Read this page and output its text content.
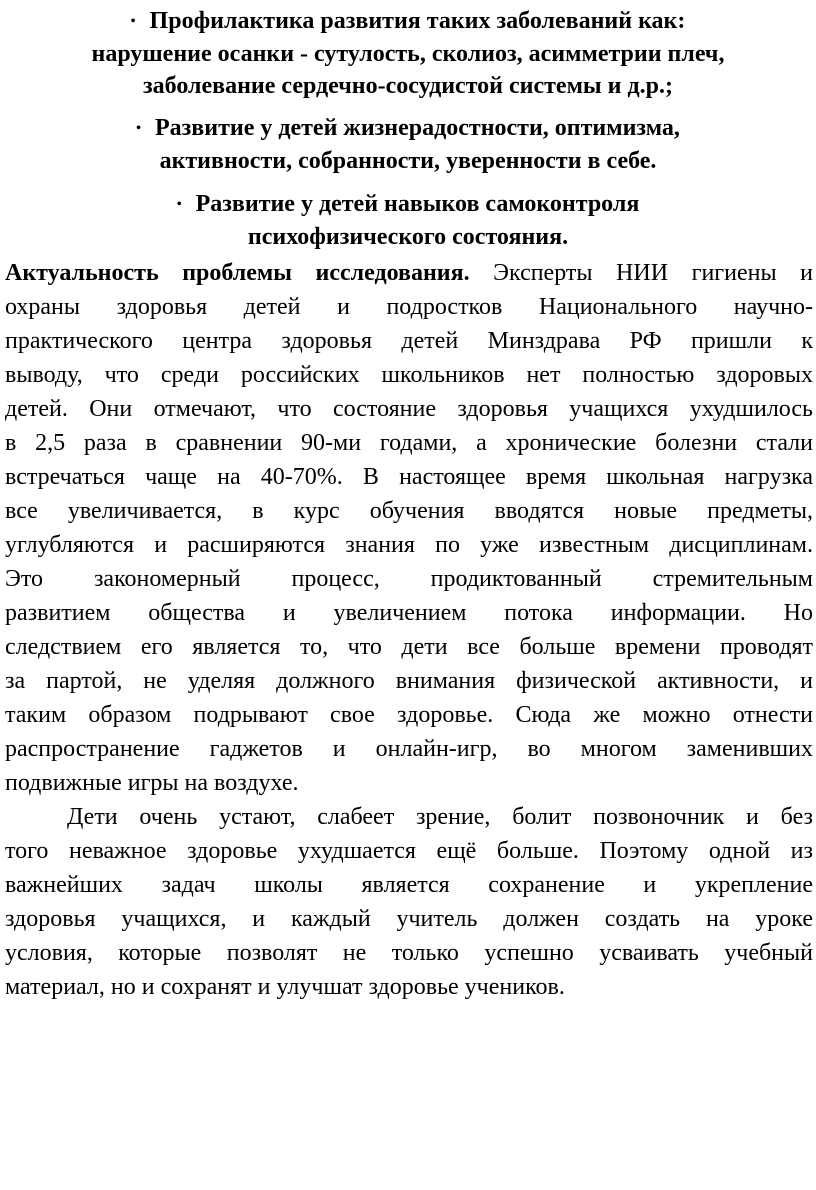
• Профилактика развития таких заболеваний как:
нарушение осанки - сутулость, сколиоз, асимметрии плеч,
заболевание сердечно-сосудистой системы и д.р.;
• Развитие у детей жизнерадостности, оптимизма,
активности, собранности, уверенности в себе.
• Развитие у детей навыков самоконтроля
психофизического состояния.

Актуальность проблемы исследования. Эксперты НИИ гигиены и
охраны здоровья детей и подростков Национального научно-
практического центра здоровья детей Минздрава РФ пришли к
выводу, что среди российских школьников нет полностью здоровых
детей. Они отмечают, что состояние здоровья учащихся ухудшилось
в 2,5 раза в сравнении 90-ми годами, а хронические болезни стали
встречаться чаще на 40-70%. В настоящее время школьная нагрузка
все увеличивается, в курс обучения вводятся новые предметы,
углубляются и расширяются знания по уже известным дисциплинам.
Это закономерный процесс, продиктованный стремительным
развитием общества и увеличением потока информации. Но
следствием его является то, что дети все больше времени проводят
за партой, не уделяя должного внимания физической активности, и
таким образом подрывают свое здоровье. Сюда же можно отнести
распространение гаджетов и онлайн-игр, во многом заменивших
подвижные игры на воздухе.

Дети очень устают, слабеет зрение, болит позвоночник и без
того неважное здоровье ухудшается ещё больше. Поэтому одной из
важнейших задач школы является сохранение и укрепление
здоровья учащихся, и каждый учитель должен создать на уроке
условия, которые позволят не только успешно усваивать учебный
материал, но и сохранят и улучшат здоровье учеников.
